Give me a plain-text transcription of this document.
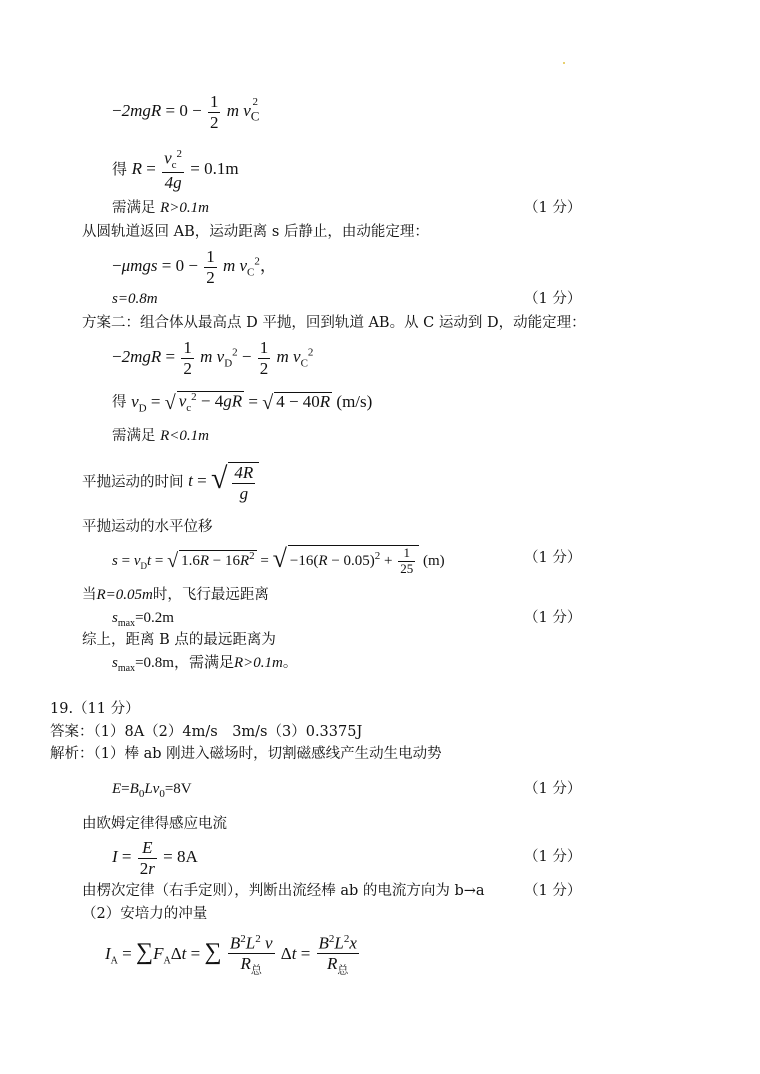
$-2mgR = 0 - \frac{1}{2}$ m $v_C^2$
得 $R = \frac{v_c^2}{4g} = 0.1m$
需满足 R>0.1m	（1 分）
从圆轨道返回 AB，运动距离 s 后静止，由动能定理：
$-\mu mgs = 0 - \frac{1}{2}$ m $v_C^2$，
s=0.8m	（1 分）
方案二：组合体从最高点 D 平抛，回到轨道 AB。从 C 运动到 D，动能定理：
$-2mgR = \frac{1}{2}$ m $v_D^2 - \frac{1}{2}$ m $v_C^2$
得 $v_D$ = √ $v_c^2 - 4gR$ = √ 4 − 40R (m/s)
需满足 R<0.1m
平抛运动的时间 t = √ $\frac{4R}{g}$
平抛运动的水平位移
$s = v_Dt$ = √ $1.6R - 16R^2$ = √ $-16(R - 0.05)^2 + \frac{1}{25} (m)$	（1 分）
当R=0.05m时，飞行最远距离
$s_{max}=0.2m$	（1 分）
综上，距离 B 点的最远距离为
$s_{max}=0.8m$，需满足R>0.1m。
19.（11 分）
答案：（1）8A（2）4m/s　3m/s（3）0.3375J
解析：（1）棒 ab 刚进入磁场时，切割磁感线产生动生电动势
$E=B_0Lv_0=8V$	（1 分）
由欧姆定律得感应电流
$I = \frac{E}{2r} = 8A$	（1 分）
由楞次定律（右手定则），判断出流经棒 ab 的电流方向为 b→a	（1 分）
（2）安培力的冲量
$I_A = \sum F_A\Delta t$ = ∑ $\frac{B^2L^2 v}{R_总}$ $\Delta t = \frac{B^2L^2x}{R_总}$
